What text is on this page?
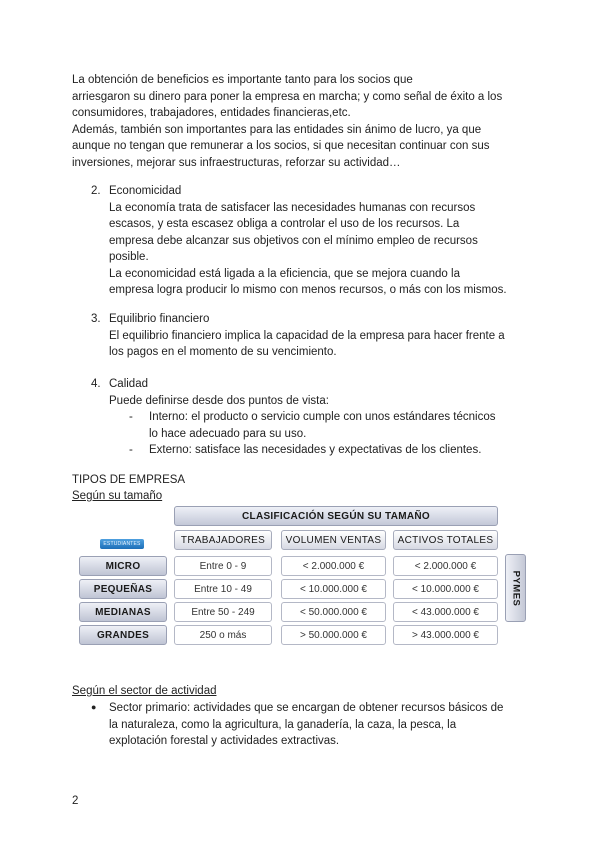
La obtención de beneficios es importante tanto para los socios que
arriesgaron su dinero para poner la empresa en marcha; y como señal de éxito a los
consumidores, trabajadores, entidades financieras,etc.
Además, también son importantes para las entidades sin ánimo de lucro, ya que
aunque no tengan que remunerar a los socios, si que necesitan continuar con sus
inversiones, mejorar sus infraestructuras, reforzar su actividad…
2. Economicidad
La economía trata de satisfacer las necesidades humanas con recursos
escasos, y esta escasez obliga a controlar el uso de los recursos. La
empresa debe alcanzar sus objetivos con el mínimo empleo de recursos
posible.
La economicidad está ligada a la eficiencia, que se mejora cuando la
empresa logra producir lo mismo con menos recursos, o más con los mismos.
3. Equilibrio financiero
El equilibrio financiero implica la capacidad de la empresa para hacer frente a
los pagos en el momento de su vencimiento.
4. Calidad
Puede definirse desde dos puntos de vista:
- Interno: el producto o servicio cumple con unos estándares técnicos
lo hace adecuado para su uso.
- Externo: satisface las necesidades y expectativas de los clientes.
TIPOS DE EMPRESA
Según su tamaño
CLASIFICACIÓN SEGÚN SU TAMAÑO
ESTUDIANTES	TRABAJADORES	VOLUMEN VENTAS	ACTIVOS TOTALES
MICRO	Entre 0 - 9	< 2.000.000 €	< 2.000.000 €
PEQUEÑAS	Entre 10 - 49	< 10.000.000 €	< 10.000.000 €
MEDIANAS	Entre 50 - 249	< 50.000.000 €	< 43.000.000 €
GRANDES	250 o más	> 50.000.000 €	> 43.000.000 €
PYMES
Según el sector de actividad
● Sector primario: actividades que se encargan de obtener recursos básicos de
la naturaleza, como la agricultura, la ganadería, la caza, la pesca, la
explotación forestal y actividades extractivas.
2
